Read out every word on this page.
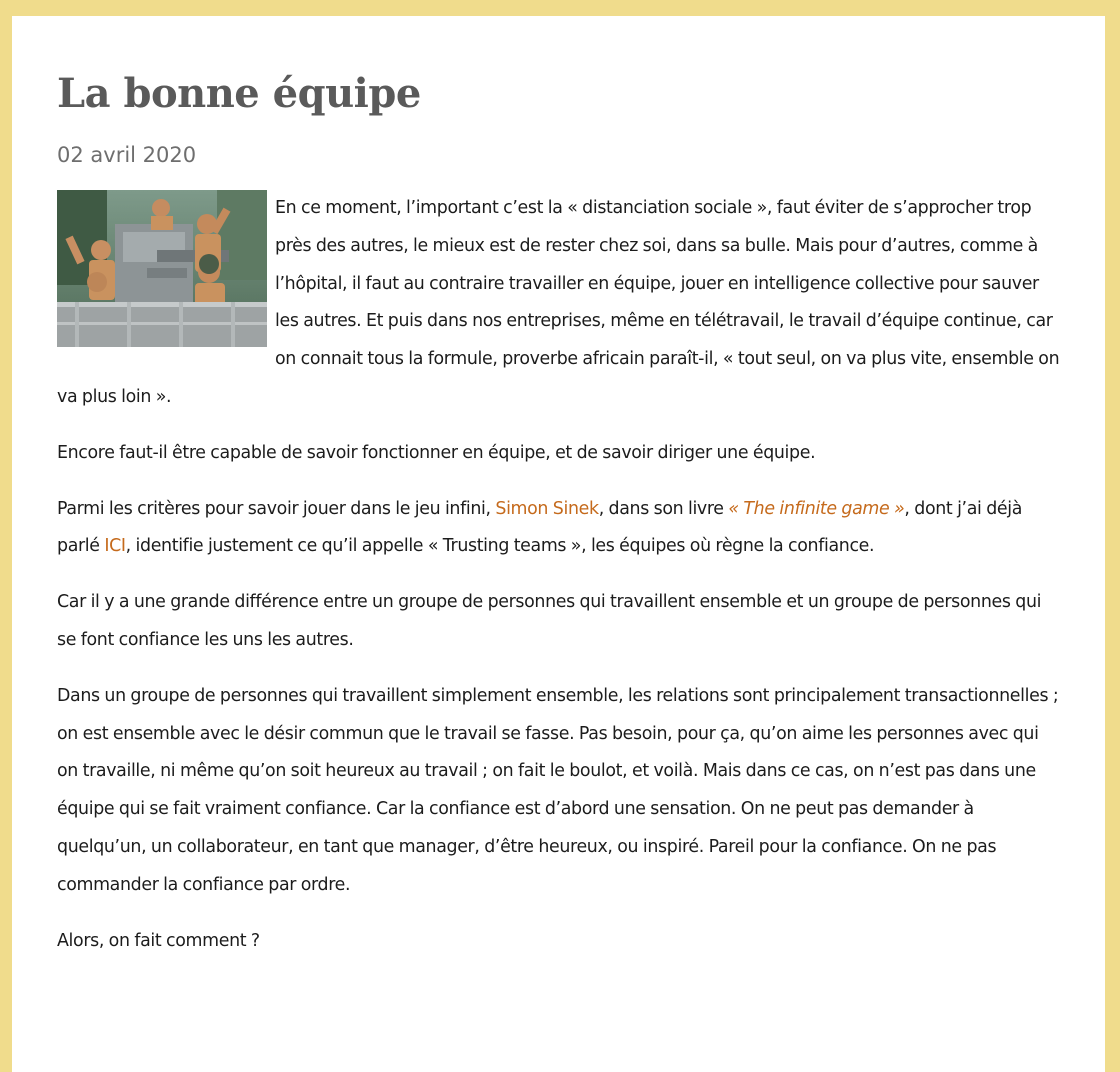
La bonne équipe
02 avril 2020

En ce moment, l’important c’est la « distanciation sociale », faut éviter de s’approcher trop près des autres, le mieux est de rester chez soi, dans sa bulle. Mais pour d’autres, comme à l’hôpital, il faut au contraire travailler en équipe, jouer en intelligence collective pour sauver les autres. Et puis dans nos entreprises, même en télétravail, le travail d’équipe continue, car on connait tous la formule, proverbe africain paraît-il, « tout seul, on va plus vite, ensemble on va plus loin ».

Encore faut-il être capable de savoir fonctionner en équipe, et de savoir diriger une équipe.

Parmi les critères pour savoir jouer dans le jeu infini, Simon Sinek, dans son livre « The infinite game », dont j’ai déjà parlé ICI, identifie justement ce qu’il appelle « Trusting teams », les équipes où règne la confiance.

Car il y a une grande différence entre un groupe de personnes qui travaillent ensemble et un groupe de personnes qui se font confiance les uns les autres.

Dans un groupe de personnes qui travaillent simplement ensemble, les relations sont principalement transactionnelles ; on est ensemble avec le désir commun que le travail se fasse. Pas besoin, pour ça, qu’on aime les personnes avec qui on travaille, ni même qu’on soit heureux au travail ; on fait le boulot, et voilà. Mais dans ce cas, on n’est pas dans une équipe qui se fait vraiment confiance. Car la confiance est d’abord une sensation. On ne peut pas demander à quelqu’un, un collaborateur, en tant que manager, d’être heureux, ou inspiré. Pareil pour la confiance. On ne pas commander la confiance par ordre.

Alors, on fait comment ?
